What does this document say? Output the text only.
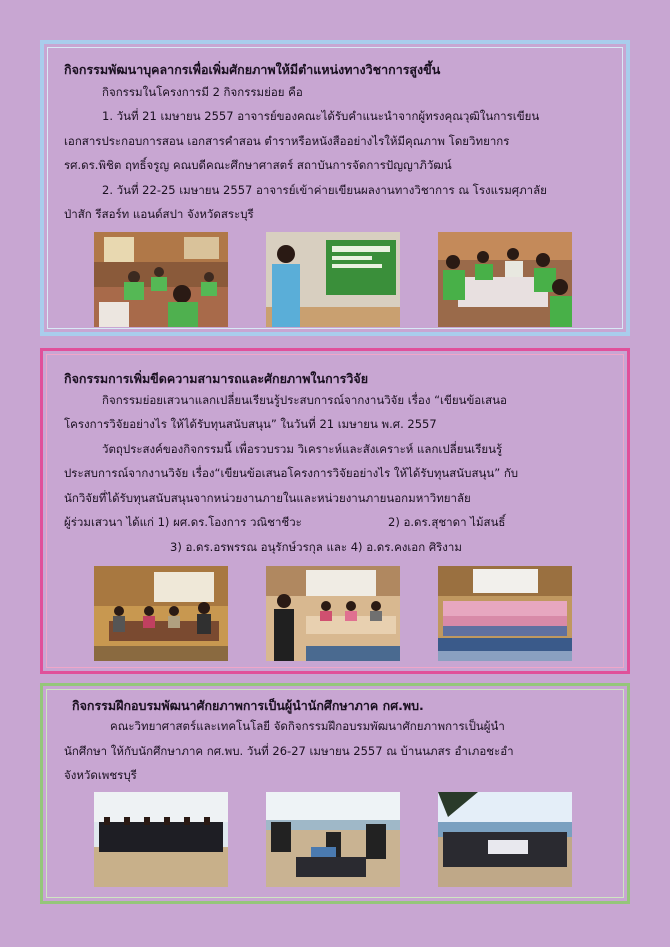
กิจกรรมพัฒนาบุคลากรเพื่อเพิ่มศักยภาพให้มีตำแหน่งทางวิชาการสูงขึ้น
กิจกรรมในโครงการมี 2 กิจกรรมย่อย คือ
1. วันที่ 21 เมษายน 2557 อาจารย์ของคณะได้รับคำแนะนำจากผู้ทรงคุณวุฒิในการเขียน
เอกสารประกอบการสอน เอกสารคำสอน ตำราหรือหนังสืออย่างไรให้มีคุณภาพ โดยวิทยากร
รศ.ดร.พิชิต ฤทธิ์จรูญ คณบดีคณะศึกษาศาสตร์ สถาบันการจัดการปัญญาภิวัฒน์
2. วันที่ 22-25 เมษายน 2557 อาจารย์เข้าค่ายเขียนผลงานทางวิชาการ ณ โรงแรมศุภาลัย
ป่าสัก รีสอร์ท แอนด์สปา จังหวัดสระบุรี
กิจกรรมการเพิ่มขีดความสามารถและศักยภาพในการวิจัย
กิจกรรมย่อยเสวนาแลกเปลี่ยนเรียนรู้ประสบการณ์จากงานวิจัย เรื่อง “เขียนข้อเสนอ
โครงการวิจัยอย่างไร ให้ได้รับทุนสนับสนุน” ในวันที่ 21 เมษายน พ.ศ. 2557
วัตถุประสงค์ของกิจกรรมนี้ เพื่อรวบรวม วิเคราะห์และสังเคราะห์ แลกเปลี่ยนเรียนรู้
ประสบการณ์จากงานวิจัย เรื่อง“เขียนข้อเสนอโครงการวิจัยอย่างไร ให้ได้รับทุนสนับสนุน” กับ
นักวิจัยที่ได้รับทุนสนับสนุนจากหน่วยงานภายในและหน่วยงานภายนอกมหาวิทยาลัย
ผู้ร่วมเสวนา ได้แก่ 1) ผศ.ดร.โองการ วณิชาชีวะ	2) อ.ดร.สุชาดา ไม้สนธิ์
3) อ.ดร.อรพรรณ อนุรักษ์วรกุล และ 4) อ.ดร.คงเอก ศิริงาม
กิจกรรมฝึกอบรมพัฒนาศักยภาพการเป็นผู้นำนักศึกษาภาค กศ.พบ.
คณะวิทยาศาสตร์และเทคโนโลยี จัดกิจกรรมฝึกอบรมพัฒนาศักยภาพการเป็นผู้นำ
นักศึกษา ให้กับนักศึกษาภาค กศ.พบ. วันที่ 26-27 เมษายน 2557 ณ บ้านนภสร อำเภอชะอำ
จังหวัดเพชรบุรี
